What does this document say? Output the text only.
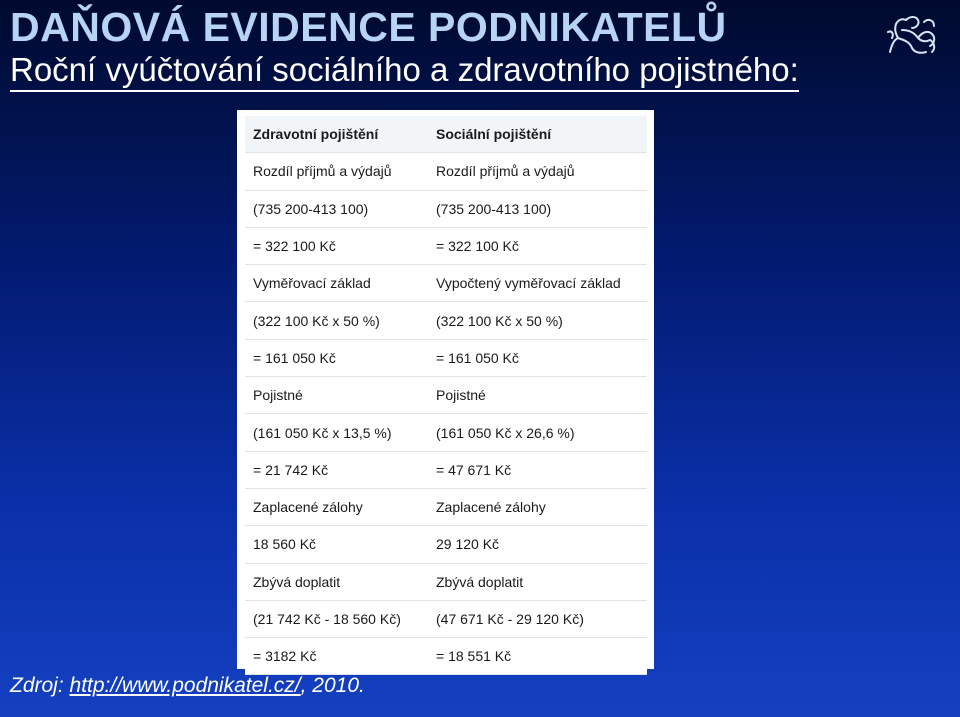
DAŇOVÁ EVIDENCE PODNIKATELŮ
Roční vyúčtování sociálního a zdravotního pojistného:
Zdravotní pojištění	Sociální pojištění
Rozdíl příjmů a výdajů	Rozdíl příjmů a výdajů
(735 200-413 100)	(735 200-413 100)
= 322 100 Kč	= 322 100 Kč
Vyměřovací základ	Vypočtený vyměřovací základ
(322 100 Kč x 50 %)	(322 100 Kč x 50 %)
= 161 050 Kč	= 161 050 Kč
Pojistné	Pojistné
(161 050 Kč x 13,5 %)	(161 050 Kč x 26,6 %)
= 21 742 Kč	= 47 671 Kč
Zaplacené zálohy	Zaplacené zálohy
18 560 Kč	29 120 Kč
Zbývá doplatit	Zbývá doplatit
(21 742 Kč - 18 560 Kč)	(47 671 Kč - 29 120 Kč)
= 3182 Kč	= 18 551 Kč
Zdroj: http://www.podnikatel.cz/, 2010.
